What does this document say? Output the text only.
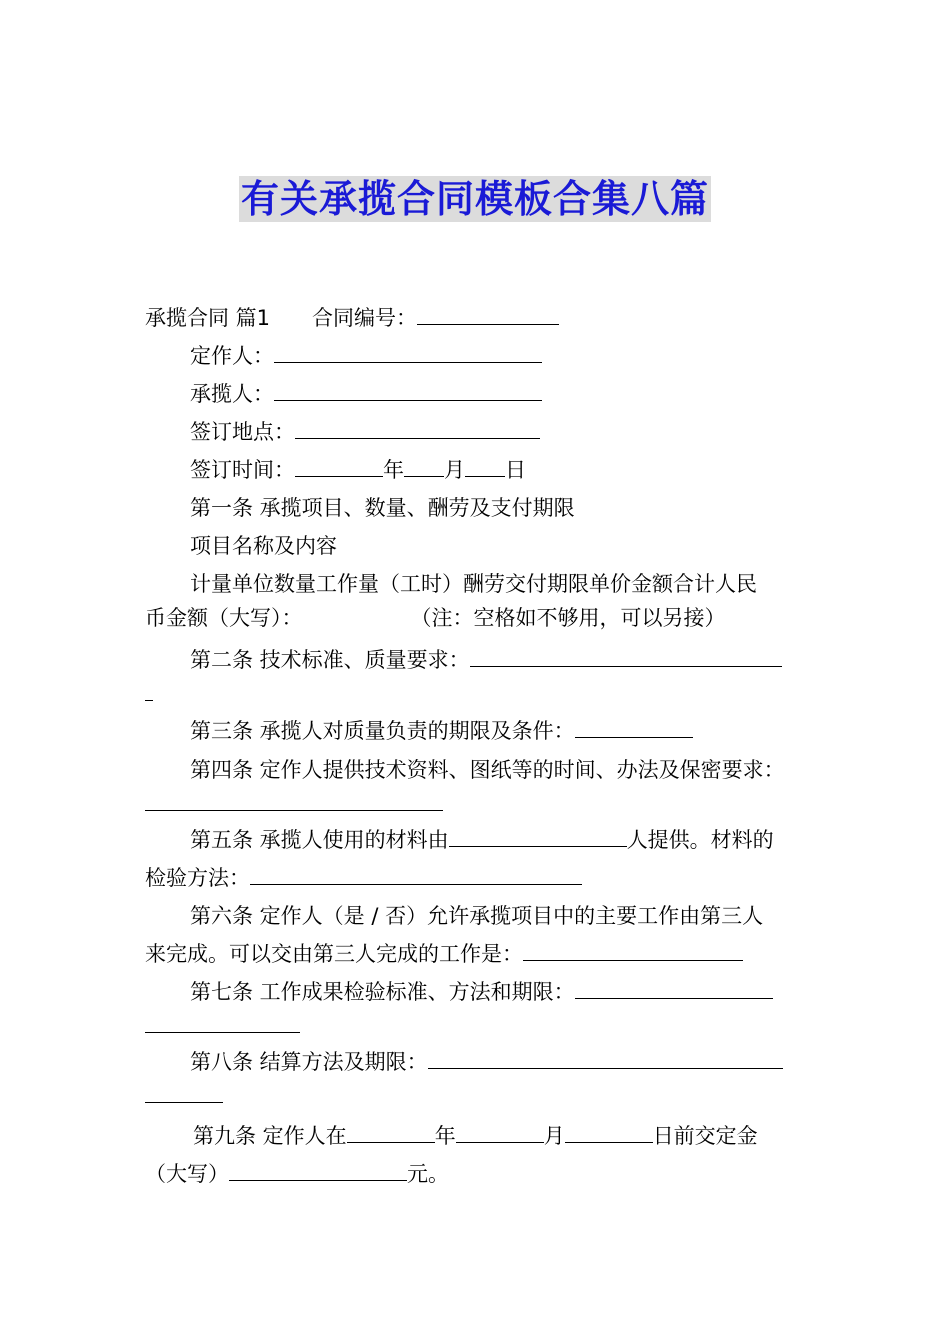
有关承揽合同模板合集八篇
承揽合同 篇1 合同编号：
定作人：
承揽人：
签订地点：
签订时间：	年 月 日
第一条 承揽项目、数量、酬劳及支付期限
项目名称及内容
计量单位数量工作量（工时）酬劳交付期限单价金额合计人民
币金额（大写）：	（注：空格如不够用，可以另接）
第二条 技术标准、质量要求：
第三条 承揽人对质量负责的期限及条件：
第四条 定作人提供技术资料、图纸等的时间、办法及保密要求：
第五条 承揽人使用的材料由	人提供。材料的
检验方法：
第六条 定作人（是 / 否）允许承揽项目中的主要工作由第三人
来完成。可以交由第三人完成的工作是：
第七条 工作成果检验标准、方法和期限：
第八条 结算方法及期限：
第九条 定作人在	年	月	日前交定金
（大写）	元。
